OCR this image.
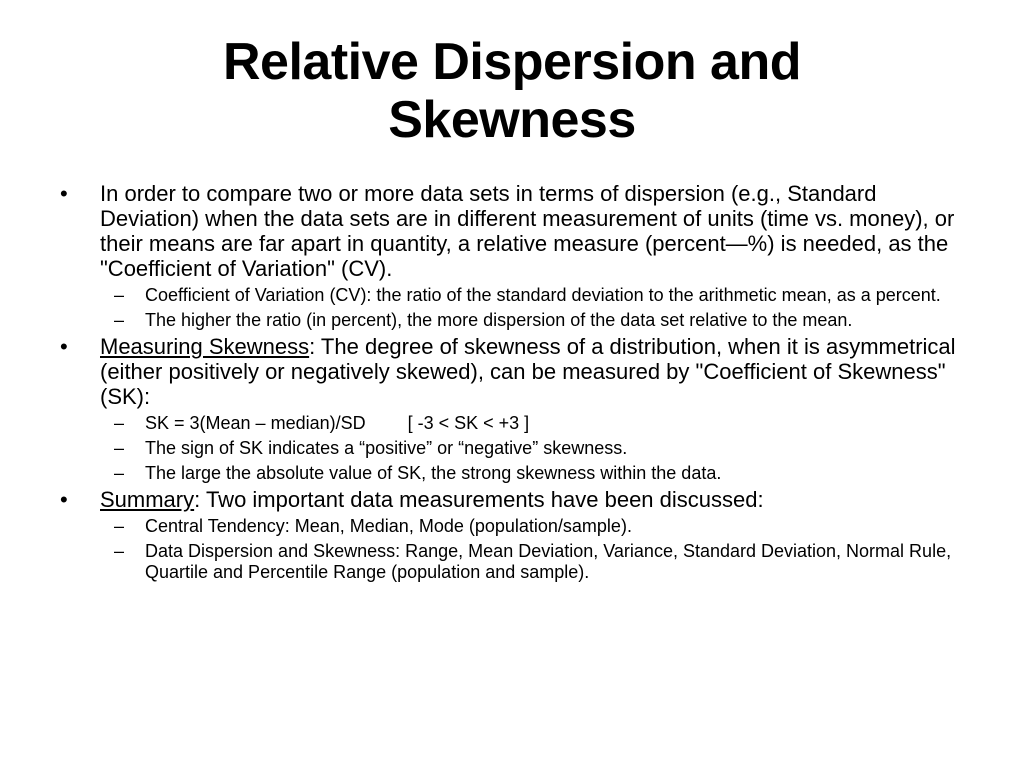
Relative Dispersion and
Skewness
•	In order to compare two or more data sets in terms of dispersion (e.g., Standard Deviation) when the data sets are in different measurement of units (time vs. money), or their means are far apart in quantity, a relative measure (percent—%) is needed, as the "Coefficient of Variation" (CV).
– Coefficient of Variation (CV): the ratio of the standard deviation to the arithmetic mean, as a percent.
– The higher the ratio (in percent), the more dispersion of the data set relative to the mean.
•	Measuring Skewness: The degree of skewness of a distribution, when it is asymmetrical (either positively or negatively skewed), can be measured by "Coefficient of Skewness" (SK):
– SK = 3(Mean – median)/SD [ -3 < SK < +3 ]
– The sign of SK indicates a “positive” or “negative” skewness.
– The large the absolute value of SK, the strong skewness within the data.
•	Summary: Two important data measurements have been discussed:
– Central Tendency: Mean, Median, Mode (population/sample).
– Data Dispersion and Skewness: Range, Mean Deviation, Variance, Standard Deviation, Normal Rule, Quartile and Percentile Range (population and sample).
